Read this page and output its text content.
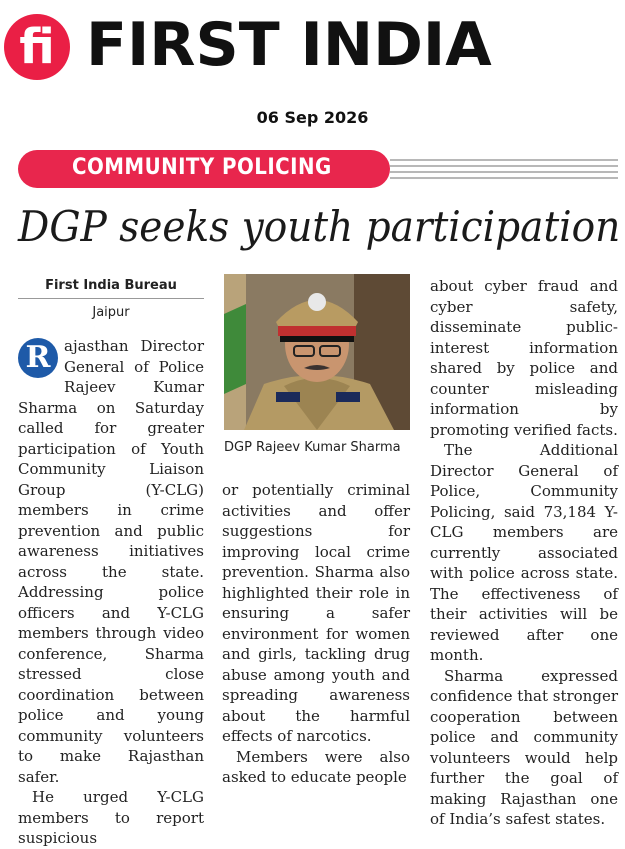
fi FIRST INDIA
06 Sep 2026
COMMUNITY POLICING
DGP seeks youth participation
First India Bureau
Jaipur

R ajasthan Director General of Police Rajeev Kumar Sharma on Saturday called for greater participation of Youth Community Liaison Group (Y-CLG) members in crime prevention and public awareness initiatives across the state. Addressing police officers and Y-CLG members through video conference, Sharma stressed close coordination between police and young community volunteers to make Rajasthan safer.

He urged Y-CLG members to report suspicious

DGP Rajeev Kumar Sharma

or potentially criminal activities and offer suggestions for improving local crime prevention. Sharma also highlighted their role in ensuring a safer environment for women and girls, tackling drug abuse among youth and spreading awareness about the harmful effects of narcotics.

Members were also asked to educate people

about cyber fraud and cyber safety, disseminate public-interest information shared by police and counter misleading information by promoting verified facts.

The Additional Director General of Police, Community Policing, said 73,184 Y-CLG members are currently associated with police across state. The effectiveness of their activities will be reviewed after one month.

Sharma expressed confidence that stronger cooperation between police and community volunteers would help further the goal of making Rajasthan one of India’s safest states.
